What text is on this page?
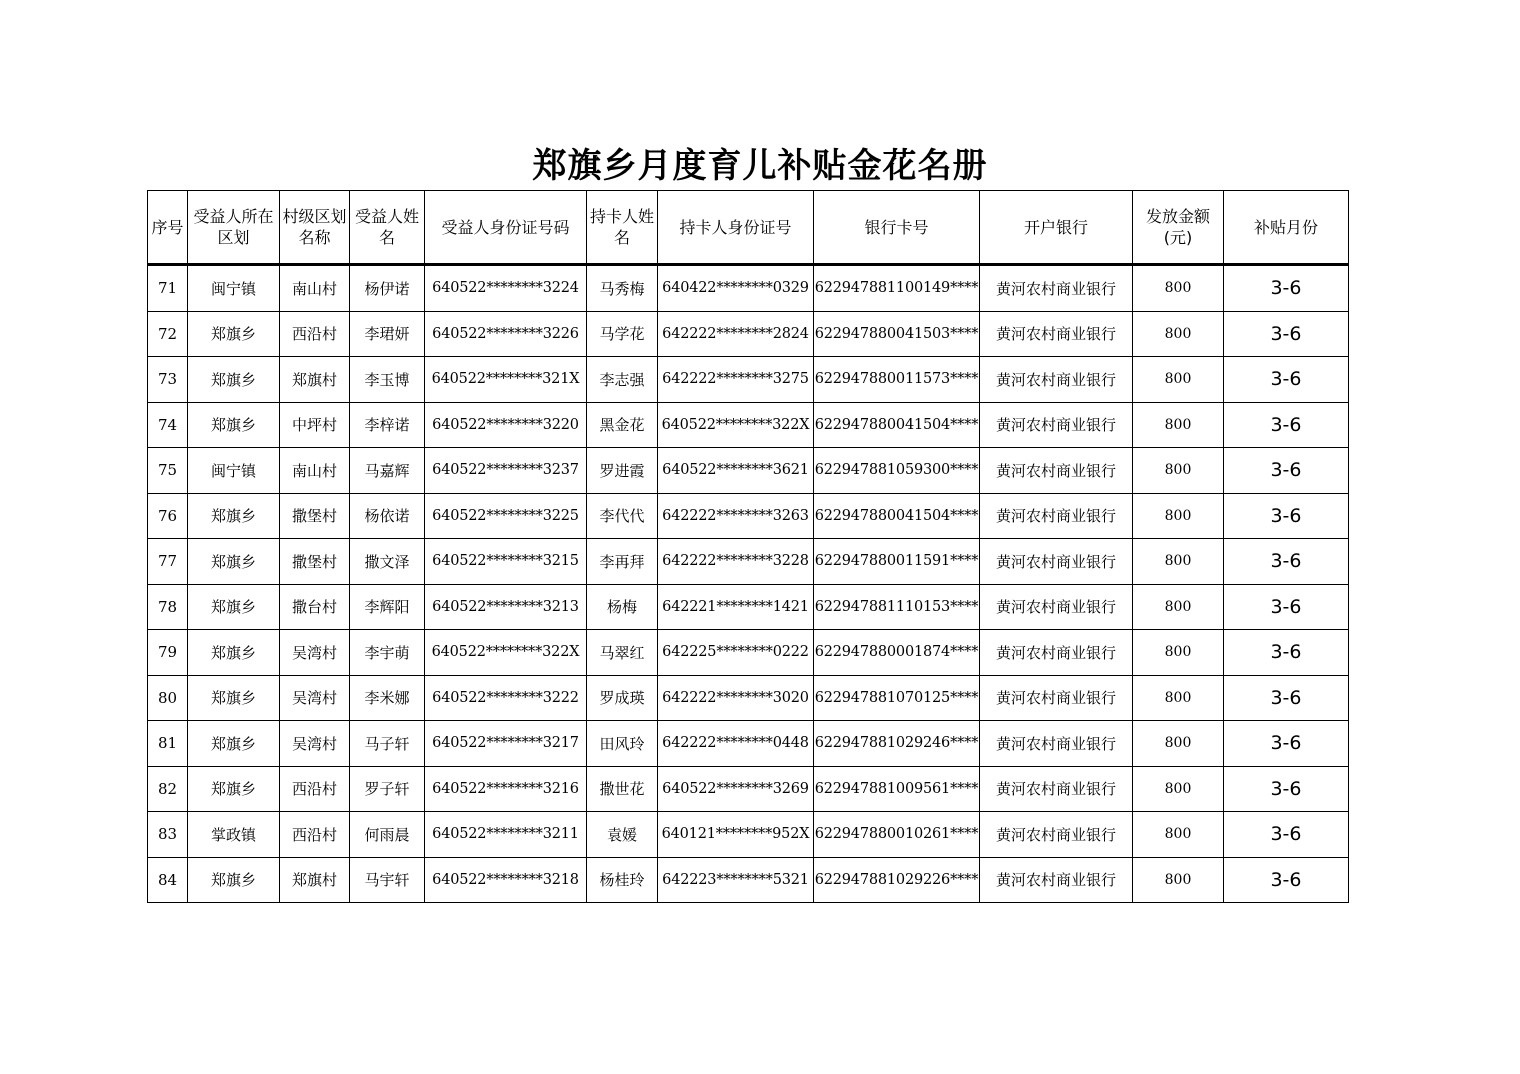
郑旗乡月度育儿补贴金花名册
序号	受益人所在区划	村级区划名称	受益人姓名	受益人身份证号码	持卡人姓名	持卡人身份证号	银行卡号	开户银行	发放金额(元)	补贴月份
71	闽宁镇	南山村	杨伊诺	640522********3224	马秀梅	640422********0329	622947881100149****	黄河农村商业银行	800	3-6
72	郑旗乡	西沿村	李珺妍	640522********3226	马学花	642222********2824	622947880041503****	黄河农村商业银行	800	3-6
73	郑旗乡	郑旗村	李玉博	640522********321X	李志强	642222********3275	622947880011573****	黄河农村商业银行	800	3-6
74	郑旗乡	中坪村	李梓诺	640522********3220	黑金花	640522********322X	622947880041504****	黄河农村商业银行	800	3-6
75	闽宁镇	南山村	马嘉辉	640522********3237	罗进霞	640522********3621	622947881059300****	黄河农村商业银行	800	3-6
76	郑旗乡	撒堡村	杨依诺	640522********3225	李代代	642222********3263	622947880041504****	黄河农村商业银行	800	3-6
77	郑旗乡	撒堡村	撒文泽	640522********3215	李再拜	642222********3228	622947880011591****	黄河农村商业银行	800	3-6
78	郑旗乡	撒台村	李辉阳	640522********3213	杨梅	642221********1421	622947881110153****	黄河农村商业银行	800	3-6
79	郑旗乡	吴湾村	李宇萌	640522********322X	马翠红	642225********0222	622947880001874****	黄河农村商业银行	800	3-6
80	郑旗乡	吴湾村	李米娜	640522********3222	罗成瑛	642222********3020	622947881070125****	黄河农村商业银行	800	3-6
81	郑旗乡	吴湾村	马子轩	640522********3217	田风玲	642222********0448	622947881029246****	黄河农村商业银行	800	3-6
82	郑旗乡	西沿村	罗子轩	640522********3216	撒世花	640522********3269	622947881009561****	黄河农村商业银行	800	3-6
83	掌政镇	西沿村	何雨晨	640522********3211	袁媛	640121********952X	622947880010261****	黄河农村商业银行	800	3-6
84	郑旗乡	郑旗村	马宇轩	640522********3218	杨桂玲	642223********5321	622947881029226****	黄河农村商业银行	800	3-6
